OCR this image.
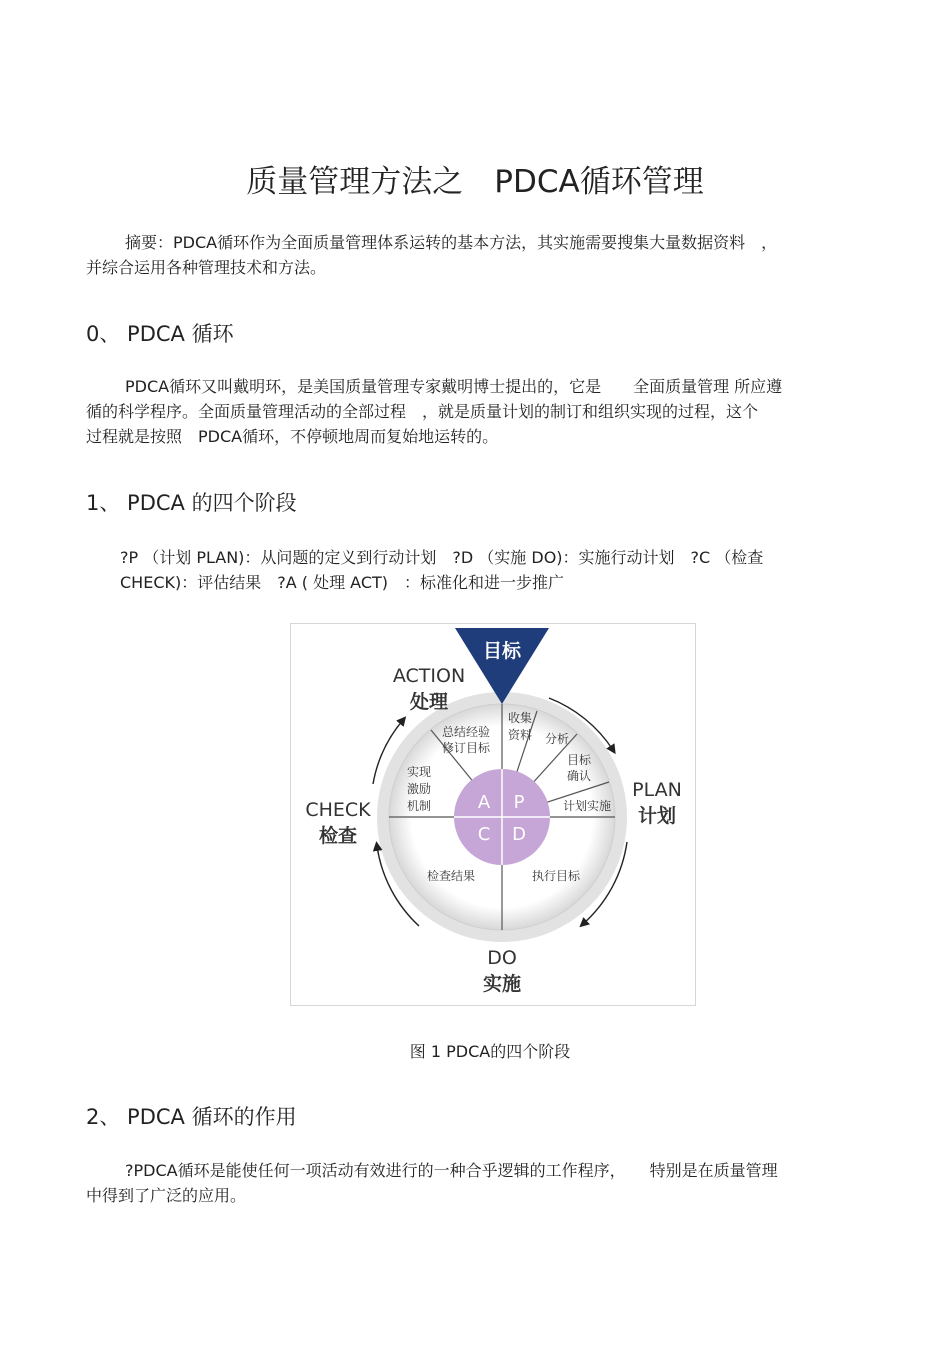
质量管理方法之　PDCA循环管理

摘要：PDCA循环作为全面质量管理体系运转的基本方法，其实施需要搜集大量数据资料　，

并综合运用各种管理技术和方法。

0、 PDCA 循环

PDCA循环又叫戴明环，是美国质量管理专家戴明博士提出的，它是　　全面质量管理 所应遵

循的科学程序。全面质量管理活动的全部过程　，就是质量计划的制订和组织实现的过程，这个

过程就是按照　PDCA循环，不停顿地周而复始地运转的。

1、 PDCA 的四个阶段

?P （计划 PLAN)：从问题的定义到行动计划　?D （实施 DO)：实施行动计划　?C （检查

CHECK)：评估结果　?A ( 处理 ACT)　：标准化和进一步推广

A P
C D
目标
ACTION
处理
PLAN
计划
CHECK
检查
DO
实施
总结经验
修订目标
收集
资料 分析
目标
确认
计划实施
实现
激励
机制
检查结果	执行目标

图 1 PDCA的四个阶段

2、 PDCA 循环的作用

?PDCA循环是能使任何一项活动有效进行的一种合乎逻辑的工作程序，　　特别是在质量管理

中得到了广泛的应用。
